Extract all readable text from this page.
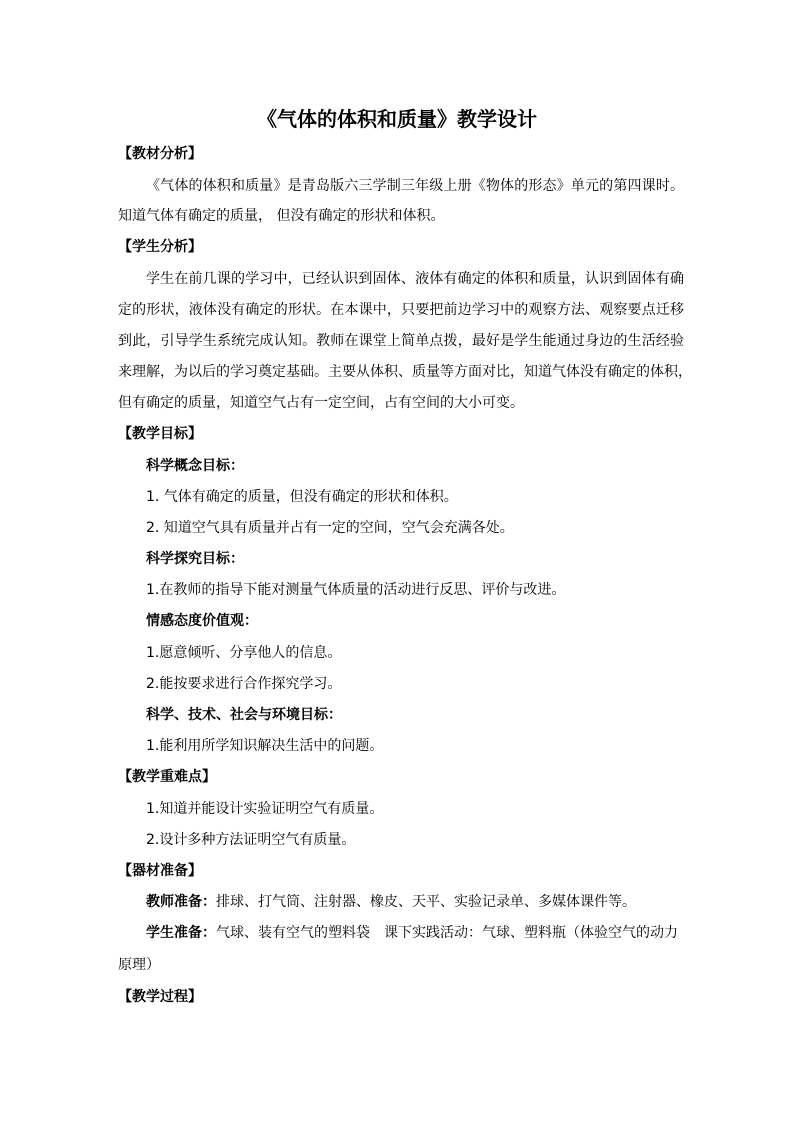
《气体的体积和质量》教学设计
【教材分析】
《气体的体积和质量》是青岛版六三学制三年级上册《物体的形态》单元的第四课时。
知道气体有确定的质量， 但没有确定的形状和体积。
【学生分析】
学生在前几课的学习中，已经认识到固体、液体有确定的体积和质量，认识到固体有确
定的形状，液体没有确定的形状。在本课中，只要把前边学习中的观察方法、观察要点迁移
到此，引导学生系统完成认知。教师在课堂上简单点拨，最好是学生能通过身边的生活经验
来理解，为以后的学习奠定基础。主要从体积、质量等方面对比，知道气体没有确定的体积，
但有确定的质量，知道空气占有一定空间，占有空间的大小可变。
【教学目标】
科学概念目标：
1. 气体有确定的质量，但没有确定的形状和体积。
2. 知道空气具有质量并占有一定的空间，空气会充满各处。
科学探究目标：
1.在教师的指导下能对测量气体质量的活动进行反思、评价与改进。
情感态度价值观：
1.愿意倾听、分享他人的信息。
2.能按要求进行合作探究学习。
科学、技术、社会与环境目标：
1.能利用所学知识解决生活中的问题。
【教学重难点】
1.知道并能设计实验证明空气有质量。
2.设计多种方法证明空气有质量。
【器材准备】
教师准备：排球、打气筒、注射器、橡皮、天平、实验记录单、多媒体课件等。
学生准备：气球、装有空气的塑料袋　课下实践活动：气球、塑料瓶（体验空气的动力
原理）
【教学过程】
